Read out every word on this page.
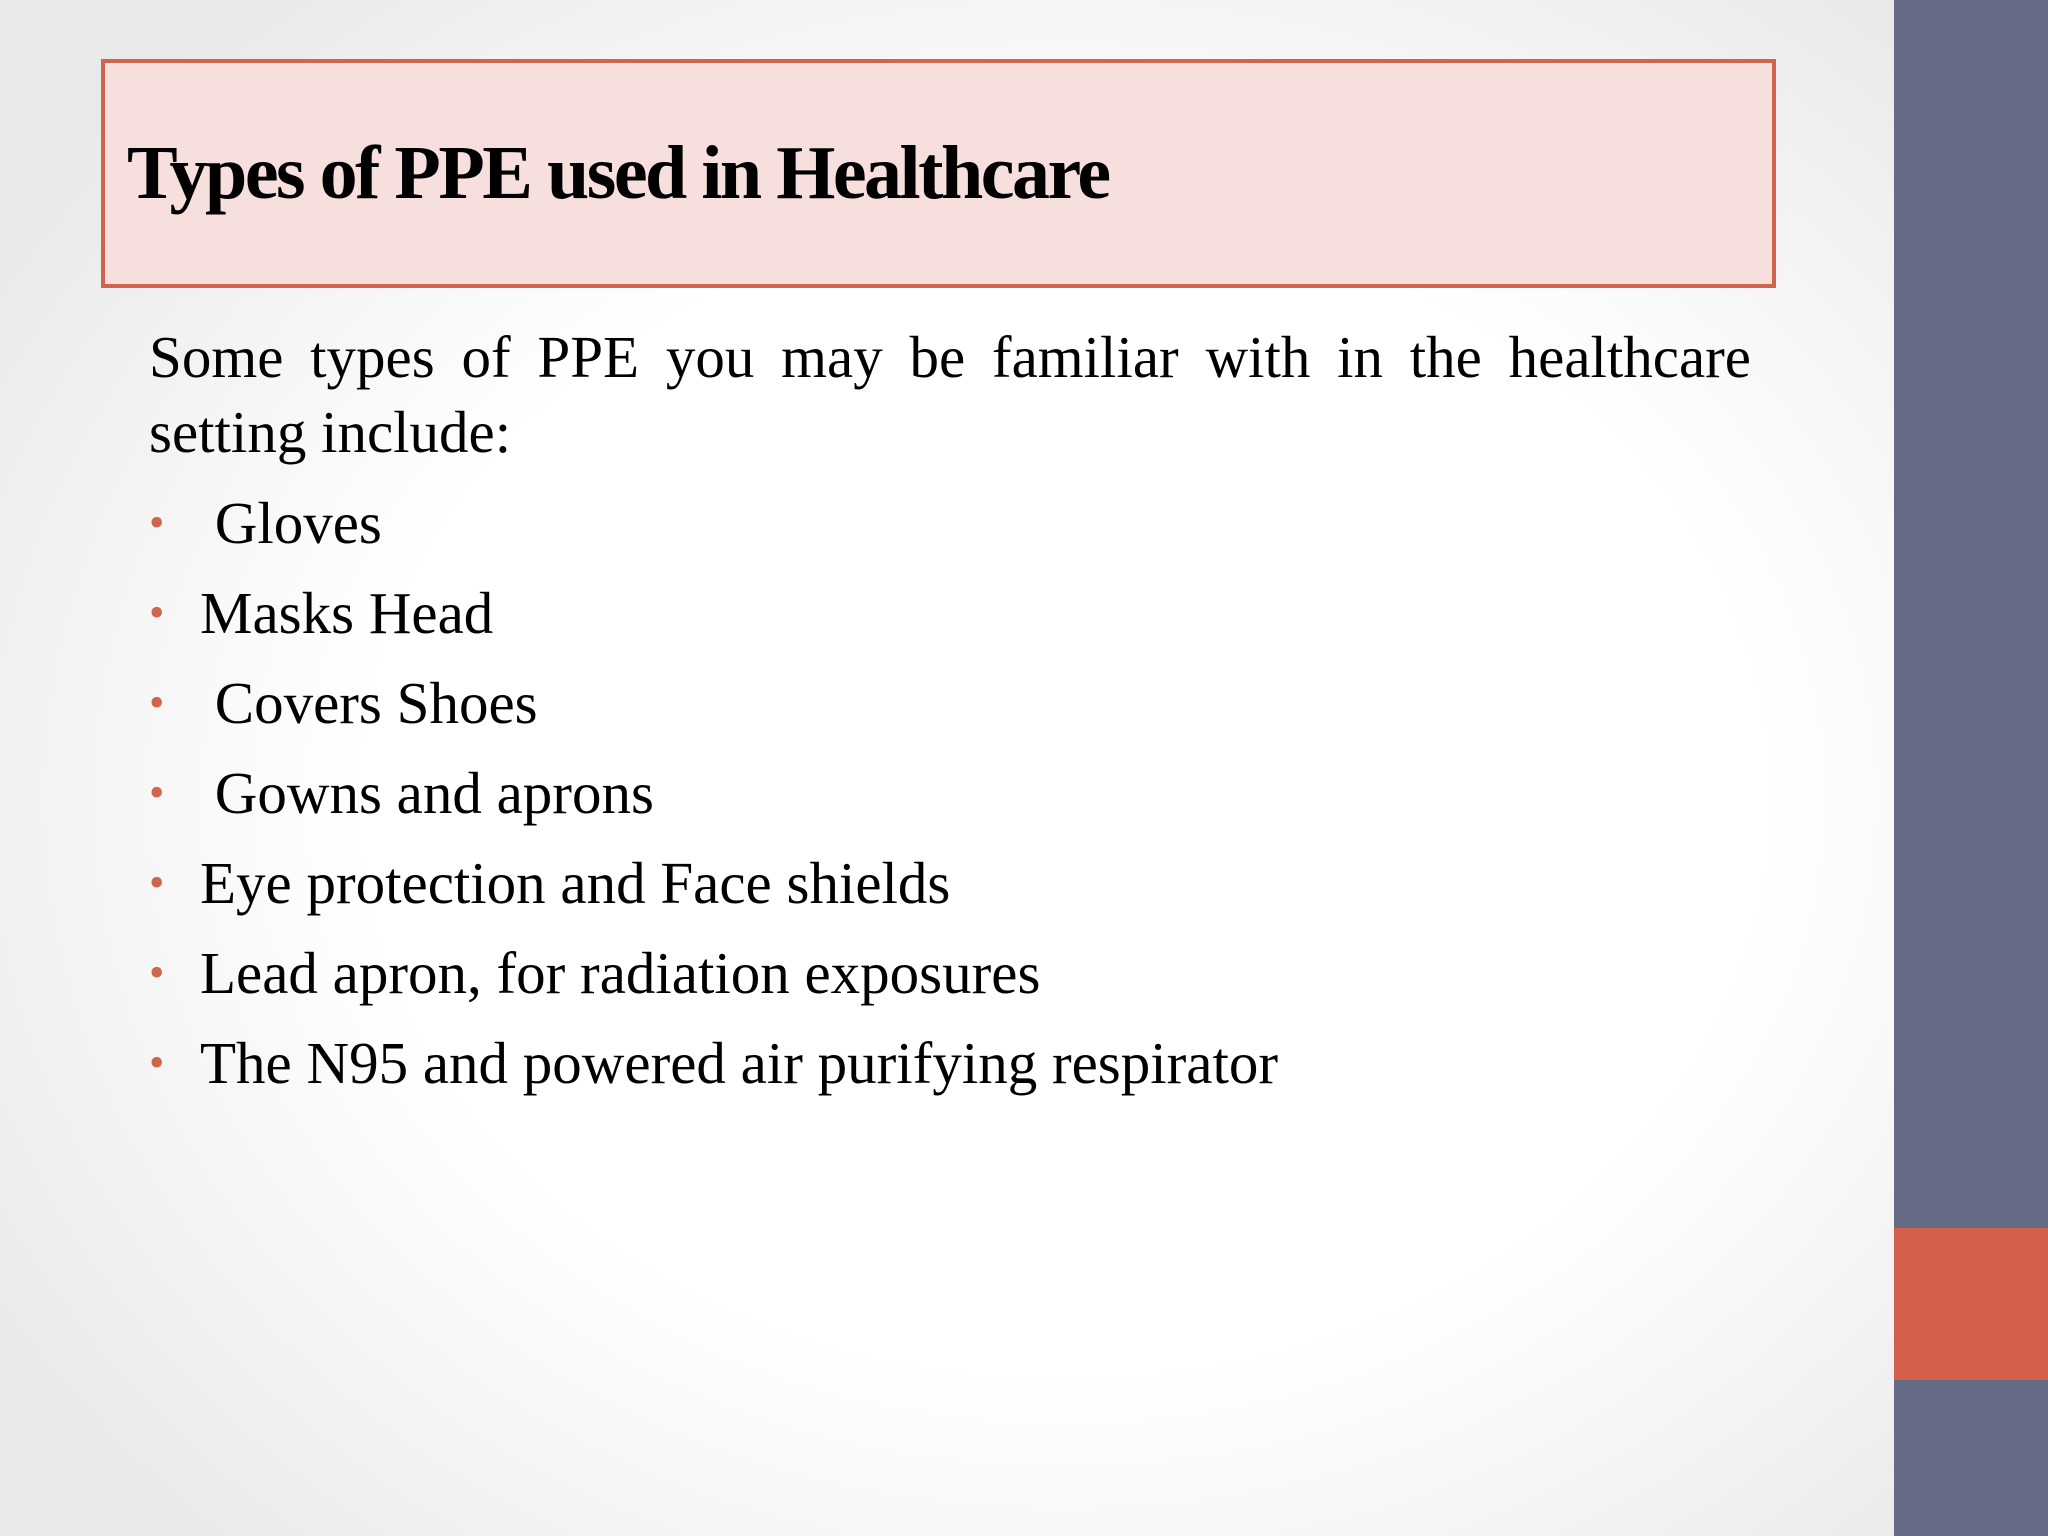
Types of PPE used in Healthcare

Some types of PPE you may be familiar with in the healthcare setting include:

• Gloves
• Masks Head
• Covers Shoes
• Gowns and aprons
• Eye protection and Face shields
• Lead apron, for radiation exposures
• The N95 and powered air purifying respirator
